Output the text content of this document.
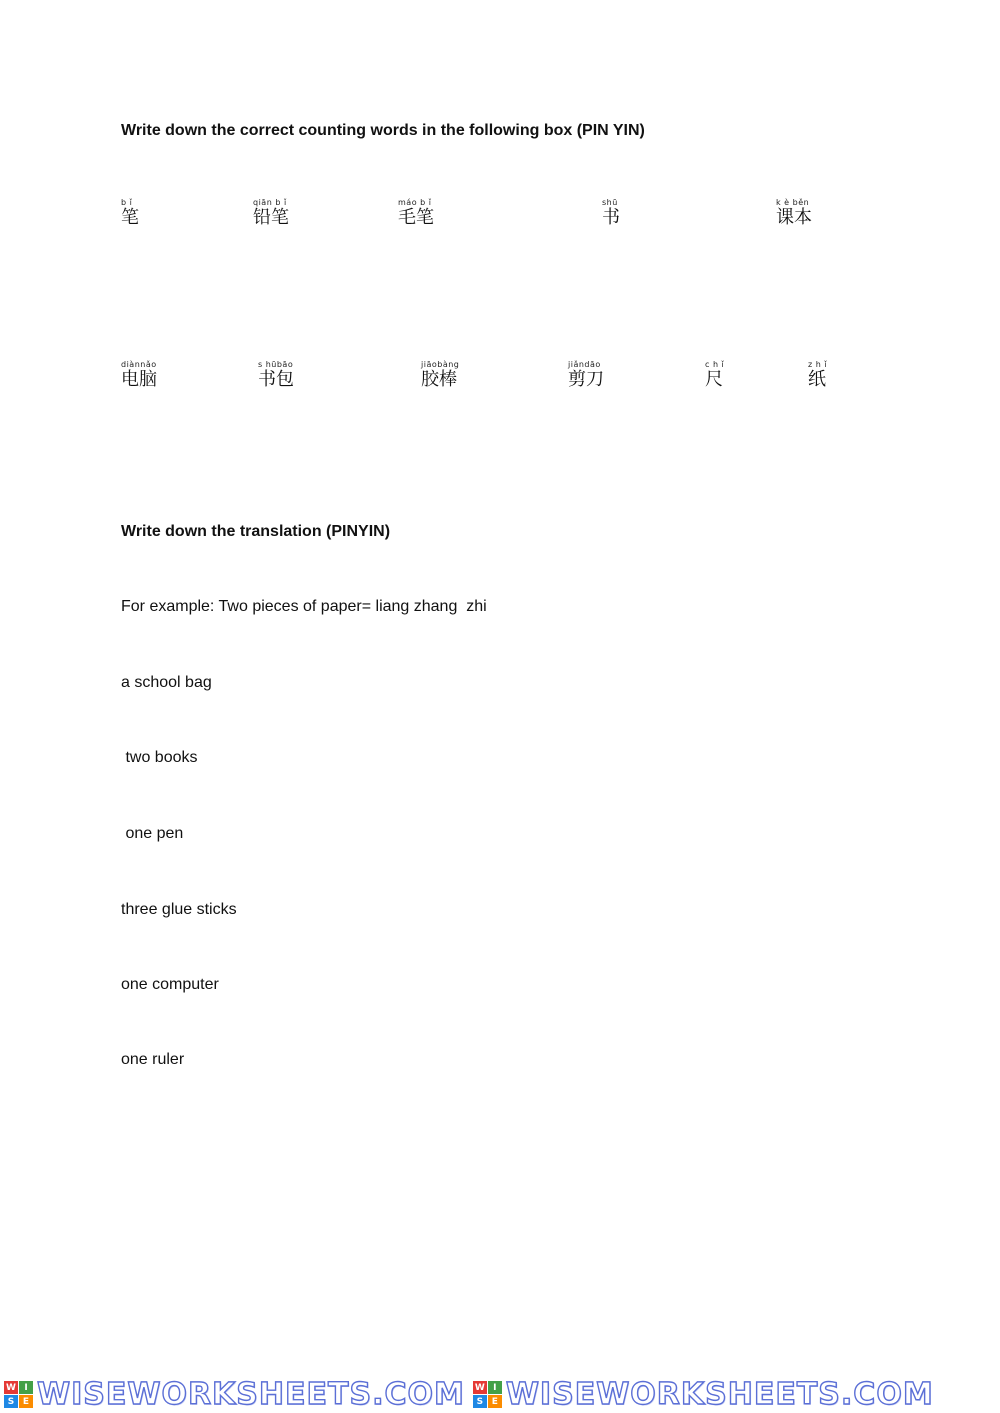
Write down the correct counting words in the following box (PIN YIN)
b ǐ
笔
qiān b ǐ
铅笔
máo b ǐ
毛笔
shū
书
k è běn
课本
diànnǎo
电脑
s hūbāo
书包
jiāobàng
胶棒
jiǎndāo
剪刀
c h ǐ
尺
z h ǐ
纸
Write down the translation (PINYIN)
For example: Two pieces of paper= liang zhang  zhi
a school bag
two books
one pen
three glue sticks
one computer
one ruler
W I
S E WISEWORKSHEETS.COM W I
S E WISEWORKSHEETS.COM
